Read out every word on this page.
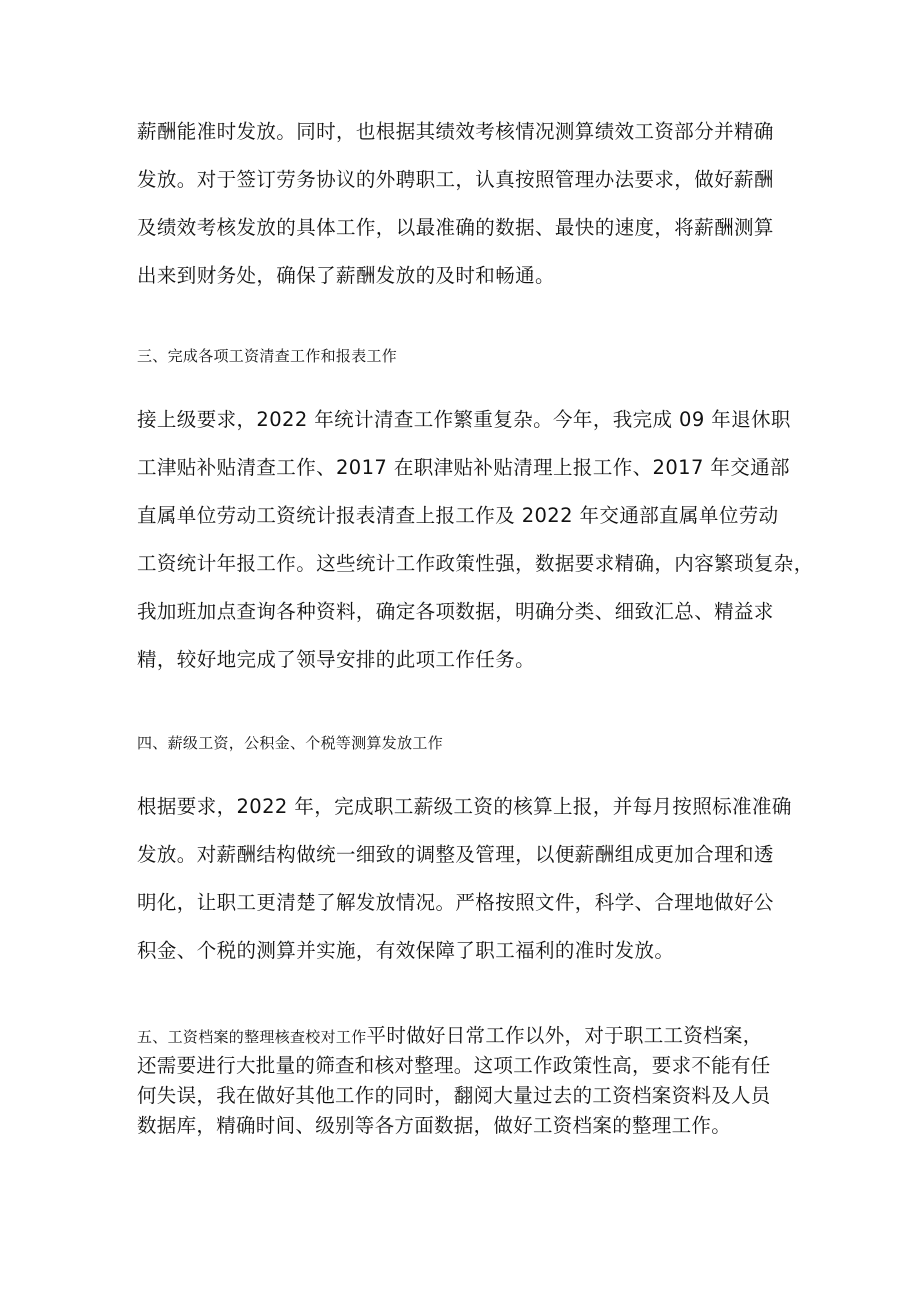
薪酬能准时发放。同时，也根据其绩效考核情况测算绩效工资部分并精确
发放。对于签订劳务协议的外聘职工，认真按照管理办法要求，做好薪酬
及绩效考核发放的具体工作，以最准确的数据、最快的速度，将薪酬测算
出来到财务处，确保了薪酬发放的及时和畅通。
三、完成各项工资清查工作和报表工作
接上级要求，2022 年统计清查工作繁重复杂。今年，我完成 09 年退休职
工津贴补贴清查工作、2017 在职津贴补贴清理上报工作、2017 年交通部
直属单位劳动工资统计报表清查上报工作及 2022 年交通部直属单位劳动
工资统计年报工作。这些统计工作政策性强，数据要求精确，内容繁琐复杂，
我加班加点查询各种资料，确定各项数据，明确分类、细致汇总、精益求
精，较好地完成了领导安排的此项工作任务。
四、薪级工资，公积金、个税等测算发放工作
根据要求，2022 年，完成职工薪级工资的核算上报，并每月按照标准准确
发放。对薪酬结构做统一细致的调整及管理，以便薪酬组成更加合理和透
明化，让职工更清楚了解发放情况。严格按照文件，科学、合理地做好公
积金、个税的测算并实施，有效保障了职工福利的准时发放。
五、工资档案的整理核查校对工作平时做好日常工作以外，对于职工工资档案，
还需要进行大批量的筛查和核对整理。这项工作政策性高，要求不能有任
何失误，我在做好其他工作的同时，翻阅大量过去的工资档案资料及人员
数据库，精确时间、级别等各方面数据，做好工资档案的整理工作。
